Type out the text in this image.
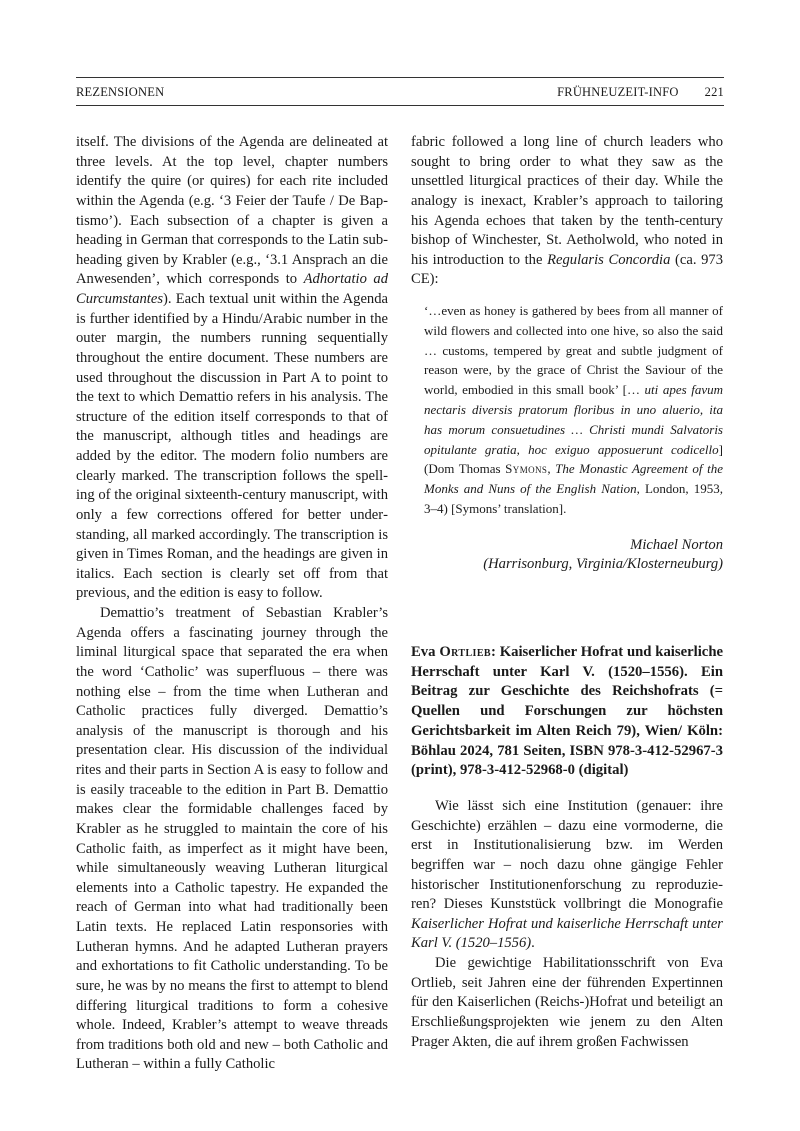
REZENSIONEN	FRÜHNEUZEIT-INFO 221

itself. The divisions of the Agenda are delineated at three levels. At the top level, chapter numbers identify the quire (or quires) for each rite included within the Agenda (e.g. ‘3 Feier der Taufe / De Baptismo’). Each subsection of a chapter is given a heading in German that corresponds to the Latin subheading given by Krabler (e.g., ‘3.1 Ansprach an die Anwesenden’, which corresponds to Adhortatio ad Curcumstantes). Each textual unit within the Agenda is further identified by a Hindu/Arabic number in the outer margin, the numbers running sequentially throughout the entire document. These numbers are used throughout the discussion in Part A to point to the text to which Demattio refers in his analysis. The structure of the edition itself corresponds to that of the manuscript, although titles and headings are added by the editor. The modern folio numbers are clearly marked. The transcription follows the spelling of the original sixteenth-century manuscript, with only a few corrections offered for better understanding, all marked accordingly. The transcription is given in Times Roman, and the headings are given in italics. Each section is clearly set off from that previous, and the edition is easy to follow.

Demattio’s treatment of Sebastian Krabler’s Agenda offers a fascinating journey through the liminal liturgical space that separated the era when the word ‘Catholic’ was superfluous – there was nothing else – from the time when Lutheran and Catholic practices fully diverged. Demattio’s analysis of the manuscript is thorough and his presentation clear. His discussion of the individual rites and their parts in Section A is easy to follow and is easily traceable to the edition in Part B. Demattio makes clear the formidable challenges faced by Krabler as he struggled to maintain the core of his Catholic faith, as imperfect as it might have been, while simultaneously weaving Lutheran liturgical elements into a Catholic tapestry. He expanded the reach of German into what had traditionally been Latin texts. He replaced Latin responsories with Lutheran hymns. And he adapted Lutheran prayers and exhortations to fit Catholic understanding. To be sure, he was by no means the first to attempt to blend differing liturgical traditions to form a cohesive whole. Indeed, Krabler’s attempt to weave threads from traditions both old and new – both Catholic and Lutheran – within a fully Catholic

fabric followed a long line of church leaders who sought to bring order to what they saw as the unsettled liturgical practices of their day. While the analogy is inexact, Krabler’s approach to tailoring his Agenda echoes that taken by the tenth-century bishop of Winchester, St. Aetholwold, who noted in his introduction to the Regularis Concordia (ca. 973 CE):

‘…even as honey is gathered by bees from all manner of wild flowers and collected into one hive, so also the said … customs, tempered by great and subtle judgment of reason were, by the grace of Christ the Saviour of the world, embodied in this small book’ [… uti apes favum nectaris diversis pratorum floribus in uno aluerio, ita has morum consuetudines … Christi mundi Salvatoris opitulante gratia, hoc exiguo apposuerunt codicello] (Dom Thomas Symons, The Monastic Agreement of the Monks and Nuns of the English Nation, London, 1953, 3–4) [Symons’ translation].

Michael Norton
(Harrisonburg, Virginia/Klosterneuburg)

Eva Ortlieb: Kaiserlicher Hofrat und kaiserliche Herrschaft unter Karl V. (1520–1556). Ein Beitrag zur Geschichte des Reichshofrats (= Quellen und Forschungen zur höchsten Gerichtsbarkeit im Alten Reich 79), Wien/ Köln: Böhlau 2024, 781 Seiten, ISBN 978-3-412-52967-3 (print), 978-3-412-52968-0 (digital)

Wie lässt sich eine Institution (genauer: ihre Geschichte) erzählen – dazu eine vormoderne, die erst in Institutionalisierung bzw. im Werden begriffen war – noch dazu ohne gängige Fehler historischer Institutionenforschung zu reproduzieren? Dieses Kunststück vollbringt die Monografie Kaiserlicher Hofrat und kaiserliche Herrschaft unter Karl V. (1520–1556).

Die gewichtige Habilitationsschrift von Eva Ortlieb, seit Jahren eine der führenden Expertinnen für den Kaiserlichen (Reichs-)Hofrat und beteiligt an Erschließungsprojekten wie jenem zu den Alten Prager Akten, die auf ihrem großen Fachwissen
